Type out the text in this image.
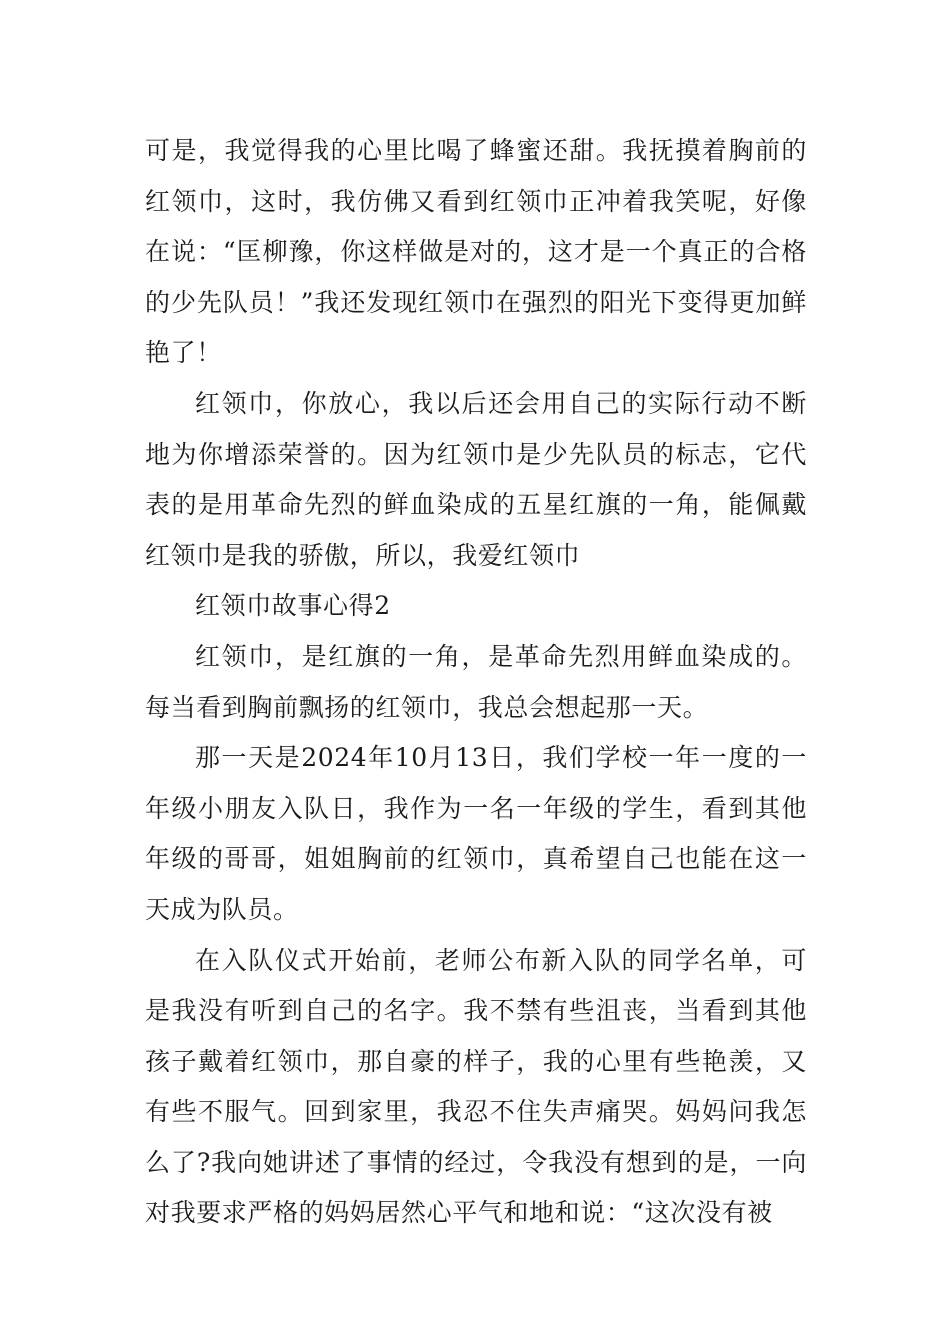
可是，我觉得我的心里比喝了蜂蜜还甜。我抚摸着胸前的红领巾，这时，我仿佛又看到红领巾正冲着我笑呢，好像在说：“匡柳豫，你这样做是对的，这才是一个真正的合格的少先队员！”我还发现红领巾在强烈的阳光下变得更加鲜艳了！

红领巾，你放心，我以后还会用自己的实际行动不断地为你增添荣誉的。因为红领巾是少先队员的标志，它代表的是用革命先烈的鲜血染成的五星红旗的一角，能佩戴红领巾是我的骄傲，所以，我爱红领巾

红领巾故事心得2

红领巾，是红旗的一角，是革命先烈用鲜血染成的。每当看到胸前飘扬的红领巾，我总会想起那一天。

那一天是2024年10月13日，我们学校一年一度的一年级小朋友入队日，我作为一名一年级的学生，看到其他年级的哥哥，姐姐胸前的红领巾，真希望自己也能在这一天成为队员。

在入队仪式开始前，老师公布新入队的同学名单，可是我没有听到自己的名字。我不禁有些沮丧，当看到其他孩子戴着红领巾，那自豪的样子，我的心里有些艳羡，又有些不服气。回到家里，我忍不住失声痛哭。妈妈问我怎么了?我向她讲述了事情的经过，令我没有想到的是，一向对我要求严格的妈妈居然心平气和地和说：“这次没有被
